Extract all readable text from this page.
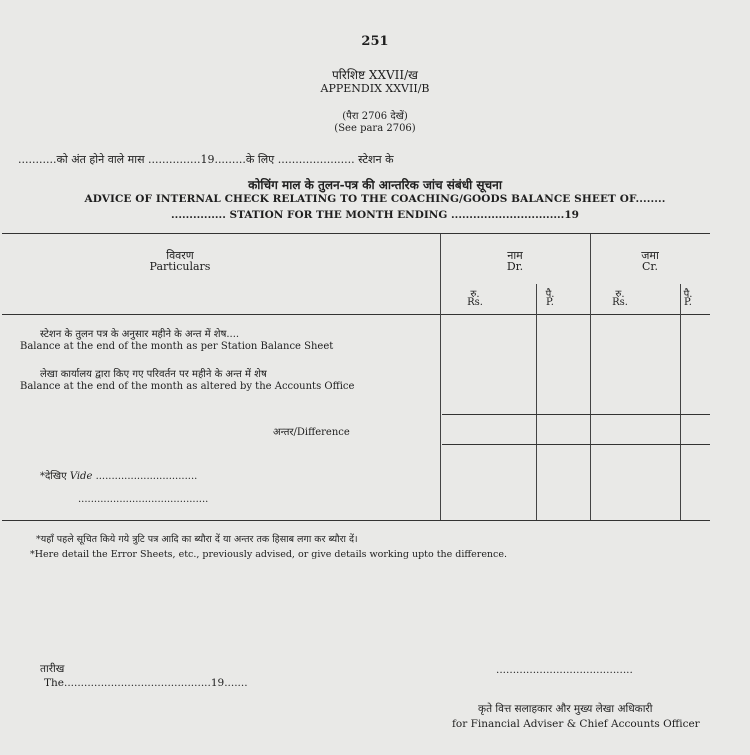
251
परिशिष्ट XXVII/ख
APPENDIX XXVII/B
(पैरा 2706 देखें)
(See para 2706)
...........को अंत होने वाले मास ...............19.........के लिए ...................... स्टेशन के
कोचिंग माल के तुलन-पत्र की आन्तरिक जांच संबंधी सूचना
ADVICE OF INTERNAL CHECK RELATING TO THE COACHING/GOODS BALANCE SHEET OF........
............... STATION FOR THE MONTH ENDING ...............................19
विवरण
Particulars
नाम
Dr.
जमा
Cr.
रु.
Rs.
पै.
P.
रु.
Rs.
पै.
P.
स्टेशन के तुलन पत्र के अनुसार महीने के अन्त में शेष....
Balance at the end of the month as per Station Balance Sheet
लेखा कार्यालय द्वारा किए गए परिवर्तन पर महीने के अन्त में शेष
Balance at the end of the month as altered by the Accounts Office
अन्तर/Difference
*देखिए Vide ................................
.........................................
*यहाँ पहले सूचित किये गये त्रुटि पत्र आदि का ब्यौरा दें या अन्तर तक हिसाब लगा कर ब्यौरा दें।
*Here detail the Error Sheets, etc., previously advised, or give details working upto the difference.
तारीख
The............................................19.......
.........................................
कृते वित्त सलाहकार और मुख्य लेखा अधिकारी
for Financial Adviser & Chief Accounts Officer
